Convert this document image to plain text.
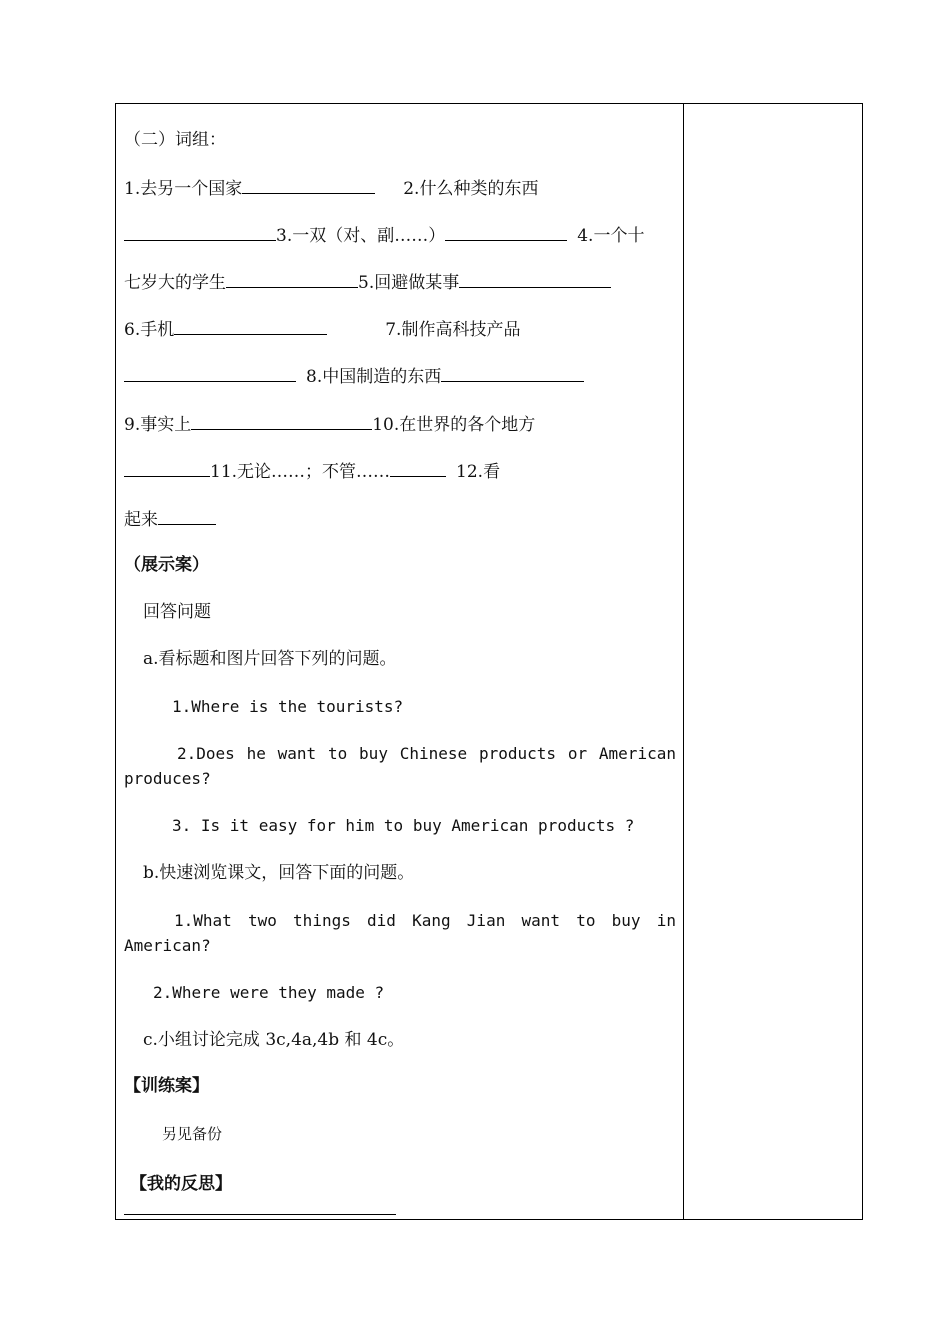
（二）词组：
1.去另一个国家	2.什么种类的东西
3.一双（对、副……）	4.一个十
七岁大的学生	5.回避做某事
6.手机	7.制作高科技产品
8.中国制造的东西
9.事实上	10.在世界的各个地方
11.无论……；不管……	12.看
起来
（展示案）
回答问题
a.看标题和图片回答下列的问题。
1.Where is the tourists?
2.Does he want to buy Chinese products or American
produces?
3. Is it easy for him to buy American products ?
b.快速浏览课文，回答下面的问题。
1.What two things did Kang Jian want to buy in
American?
2.Where were they made ?
c.小组讨论完成 3c,4a,4b 和 4c。
【训练案】
另见备份
【我的反思】
